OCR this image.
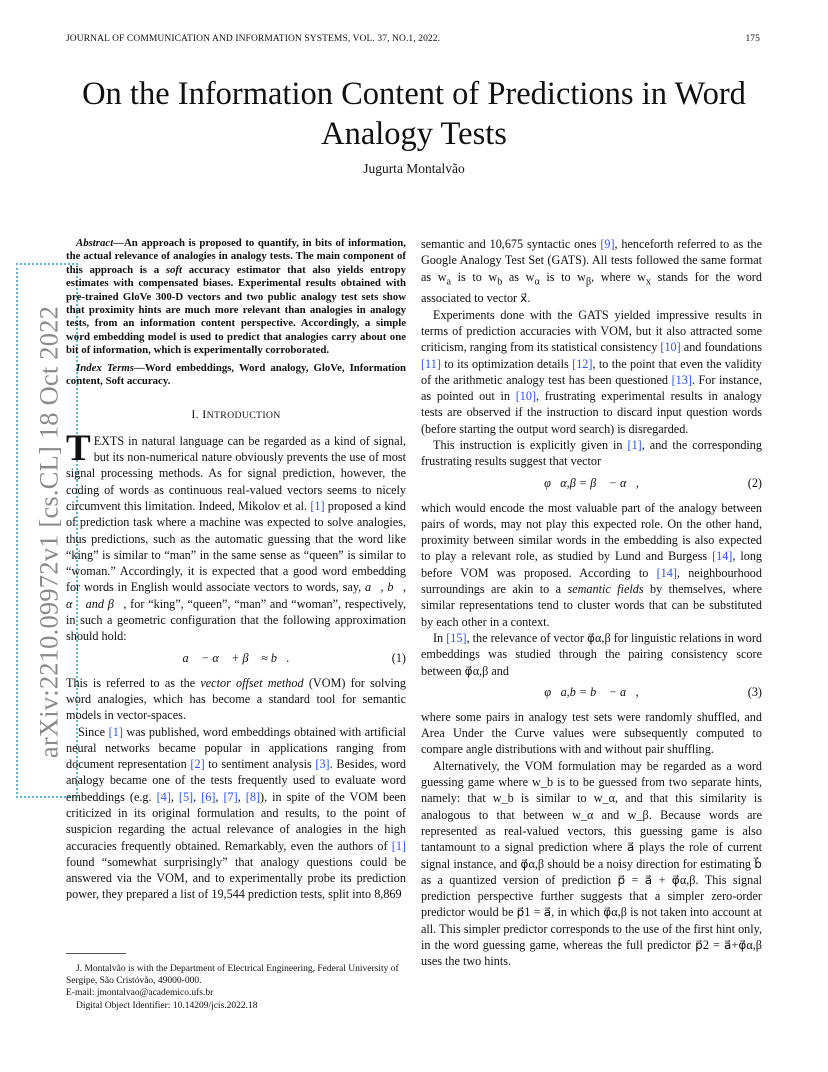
JOURNAL OF COMMUNICATION AND INFORMATION SYSTEMS, VOL. 37, NO.1, 2022.	175
On the Information Content of Predictions in Word Analogy Tests
Jugurta Montalvão
arXiv:2210.09972v1 [cs.CL] 18 Oct 2022

Abstract—An approach is proposed to quantify, in bits of information, the actual relevance of analogies in analogy tests. The main component of this approach is a soft accuracy estimator that also yields entropy estimates with compensated biases. Experimental results obtained with pre-trained GloVe 300-D vectors and two public analogy test sets show that proximity hints are much more relevant than analogies in analogy tests, from an information content perspective. Accordingly, a simple word embedding model is used to predict that analogies carry about one bit of information, which is experimentally corroborated.

Index Terms—Word embeddings, Word analogy, GloVe, Information content, Soft accuracy.

I. INTRODUCTION

TEXTS in natural language can be regarded as a kind of signal, but its non-numerical nature obviously prevents the use of most signal processing methods. As for signal prediction, however, the coding of words as continuous real-valued vectors seems to nicely circumvent this limitation. Indeed, Mikolov et al. [1] proposed a kind of prediction task where a machine was expected to solve analogies, thus predictions, such as the automatic guessing that the word like “king” is similar to “man” in the same sense as “queen” is similar to “woman.” Accordingly, it is expected that a good word embedding for words in English would associate vectors to words, say, a⃗, b⃗, α⃗ and β⃗, for “king”, “queen”, “man” and “woman”, respectively, in such a geometric configuration that the following approximation should hold:

a⃗ − α⃗ + β⃗ ≈ b⃗.	(1)

This is referred to as the vector offset method (VOM) for solving word analogies, which has become a standard tool for semantic models in vector-spaces.

Since [1] was published, word embeddings obtained with artificial neural networks became popular in applications ranging from document representation [2] to sentiment analysis [3]. Besides, word analogy became one of the tests frequently used to evaluate word embeddings (e.g. [4], [5], [6], [7], [8]), in spite of the VOM been criticized in its original formulation and results, to the point of suspicion regarding the actual relevance of analogies in the high accuracies frequently obtained. Remarkably, even the authors of [1] found “somewhat surprisingly” that analogy questions could be answered via the VOM, and to experimentally probe its prediction power, they prepared a list of 19,544 prediction tests, split into 8,869

J. Montalvão is with the Department of Electrical Engineering, Federal University of Sergipe, São Cristóvão, 49000-000.

E-mail: jmontalvao@academico.ufs.br

Digital Object Identifier: 10.14209/jcis.2022.18

semantic and 10,675 syntactic ones [9], henceforth referred to as the Google Analogy Test Set (GATS). All tests followed the same format as $w_a$ is to $w_b$ as $w_\alpha$ is to $w_\beta$, where $w_x$ stands for the word associated to vector x⃗.

Experiments done with the GATS yielded impressive results in terms of prediction accuracies with VOM, but it also attracted some criticism, ranging from its statistical consistency [10] and foundations [11] to its optimization details [12], to the point that even the validity of the arithmetic analogy test has been questioned [13]. For instance, as pointed out in [10], frustrating experimental results in analogy tests are observed if the instruction to discard input question words (before starting the output word search) is disregarded.

This instruction is explicitly given in [1], and the corresponding frustrating results suggest that vector

φ⃗α,β = β⃗ − α⃗,	(2)

which would encode the most valuable part of the analogy between pairs of words, may not play this expected role. On the other hand, proximity between similar words in the embedding is also expected to play a relevant role, as studied by Lund and Burgess [14], long before VOM was proposed. According to [14], neighbourhood surroundings are akin to a semantic fields by themselves, where similar representations tend to cluster words that can be substituted by each other in a context.

In [15], the relevance of vector φ⃗α,β for linguistic relations in word embeddings was studied through the pairing consistency score between φ⃗α,β and

φ⃗a,b = b⃗ − a⃗,	(3)

where some pairs in analogy test sets were randomly shuffled, and Area Under the Curve values were subsequently computed to compare angle distributions with and without pair shuffling.

Alternatively, the VOM formulation may be regarded as a word guessing game where w_b is to be guessed from two separate hints, namely: that w_b is similar to w_α, and that this similarity is analogous to that between w_α and w_β. Because words are represented as real-valued vectors, this guessing game is also tantamount to a signal prediction where a⃗ plays the role of current signal instance, and φ⃗α,β should be a noisy direction for estimating b⃗ as a quantized version of prediction p⃗ = a⃗ + φ⃗α,β. This signal prediction perspective further suggests that a simpler zero-order predictor would be p⃗1 = a⃗, in which φ⃗α,β is not taken into account at all. This simpler predictor corresponds to the use of the first hint only, in the word guessing game, whereas the full predictor p⃗2 = a⃗+φ⃗α,β uses the two hints.
